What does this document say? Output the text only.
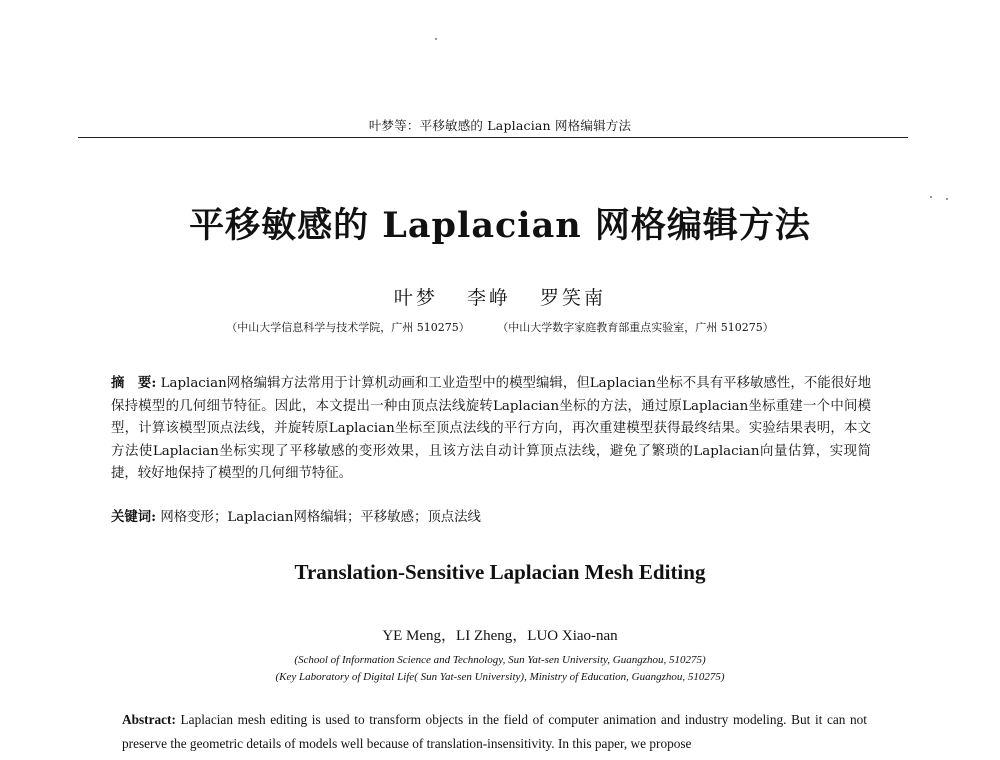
叶梦等：平移敏感的 Laplacian 网格编辑方法
平移敏感的 Laplacian 网格编辑方法
叶梦 李峥 罗笑南
（中山大学信息科学与技术学院，广州 510275）	（中山大学数字家庭教育部重点实验室，广州 510275）
摘　要: Laplacian网格编辑方法常用于计算机动画和工业造型中的模型编辑，但Laplacian坐标不具有平移敏感性，不能很好地保持模型的几何细节特征。因此，本文提出一种由顶点法线旋转Laplacian坐标的方法，通过原Laplacian坐标重建一个中间模型，计算该模型顶点法线，并旋转原Laplacian坐标至顶点法线的平行方向，再次重建模型获得最终结果。实验结果表明，本文方法使Laplacian坐标实现了平移敏感的变形效果，且该方法自动计算顶点法线，避免了繁琐的Laplacian向量估算，实现简捷，较好地保持了模型的几何细节特征。
关键词: 网格变形；Laplacian网格编辑；平移敏感；顶点法线
Translation-Sensitive Laplacian Mesh Editing
YE Meng，LI Zheng，LUO Xiao-nan
(School of Information Science and Technology, Sun Yat-sen University, Guangzhou, 510275)
(Key Laboratory of Digital Life( Sun Yat-sen University), Ministry of Education, Guangzhou, 510275)
Abstract: Laplacian mesh editing is used to transform objects in the field of computer animation and industry modeling. But it can not preserve the geometric details of models well because of translation-insensitivity. In this paper, we propose
